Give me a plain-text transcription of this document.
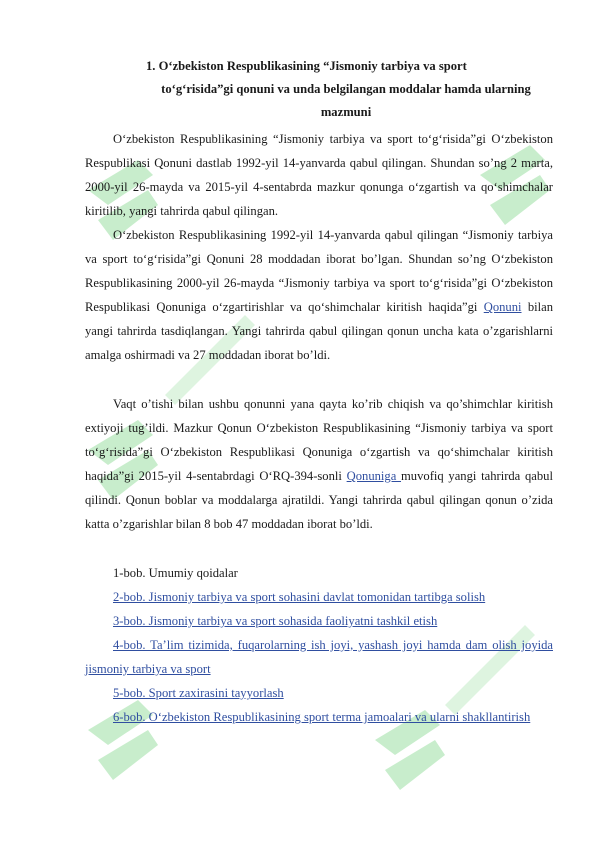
1. O‘zbekiston Respublikasining “Jismoniy tarbiya va sport
to‘g‘risida”gi qonuni va unda belgilangan moddalar hamda ularning
mazmuni
O‘zbekiston Respublikasining “Jismoniy tarbiya va sport to‘g‘risida”gi O‘zbekiston Respublikasi Qonuni dastlab 1992-yil 14-yanvarda qabul qilingan. Shundan so’ng 2 marta, 2000-yil 26-mayda va 2015-yil 4-sentabrda mazkur qonunga o‘zgartish va qo‘shimchalar kiritilib, yangi tahrirda qabul qilingan.
O‘zbekiston Respublikasining 1992-yil 14-yanvarda qabul qilingan “Jismoniy tarbiya va sport to‘g‘risida”gi Qonuni 28 moddadan iborat bo’lgan. Shundan so’ng O‘zbekiston Respublikasining 2000-yil 26-mayda “Jismoniy tarbiya va sport to‘g‘risida”gi O‘zbekiston Respublikasi Qonuniga o‘zgartirishlar va qo‘shimchalar kiritish haqida”gi Qonuni bilan yangi tahrirda tasdiqlangan. Yangi tahrirda qabul qilingan qonun uncha kata o’zgarishlarni amalga oshirmadi va 27 moddadan iborat bo’ldi.
Vaqt o’tishi bilan ushbu qonunni yana qayta ko’rib chiqish va qo’shimchlar kiritish extiyoji tug’ildi. Mazkur Qonun O‘zbekiston Respublikasining “Jismoniy tarbiya va sport to‘g‘risida”gi O‘zbekiston Respublikasi Qonuniga o‘zgartish va qo‘shimchalar kiritish haqida”gi 2015-yil 4-sentabrdagi O‘RQ-394-sonli Qonuniga muvofiq yangi tahrirda qabul qilindi. Qonun boblar va moddalarga ajratildi. Yangi tahrirda qabul qilingan qonun o’zida katta o’zgarishlar bilan 8 bob 47 moddadan iborat bo’ldi.
1-bob. Umumiy qoidalar
2-bob. Jismoniy tarbiya va sport sohasini davlat tomonidan tartibga solish
3-bob. Jismoniy tarbiya va sport sohasida faoliyatni tashkil etish
4-bob. Ta’lim tizimida, fuqarolarning ish joyi, yashash joyi hamda dam olish joyida jismoniy tarbiya va sport
5-bob. Sport zaxirasini tayyorlash
6-bob. O‘zbekiston Respublikasining sport terma jamoalari va ularni shakllantirish
